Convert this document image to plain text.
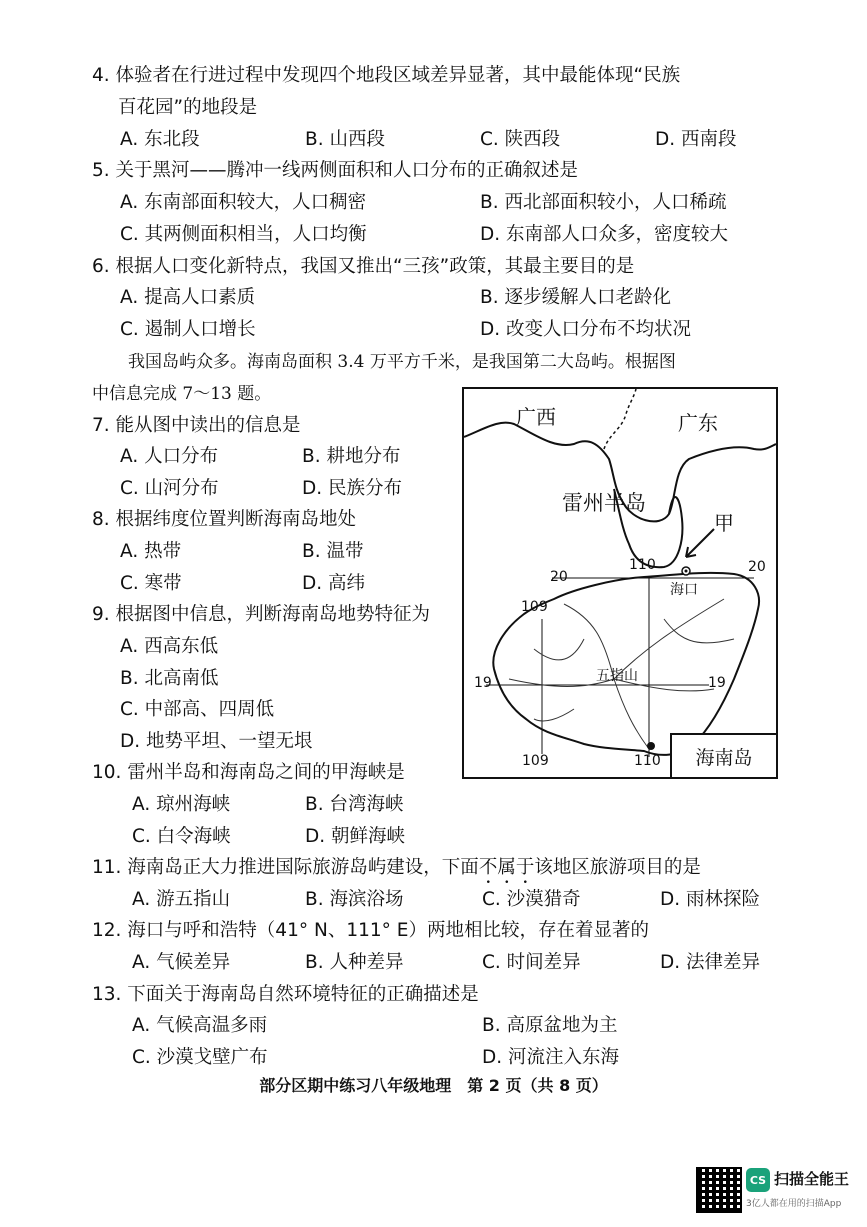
4. 体验者在行进过程中发现四个地段区域差异显著，其中最能体现“民族
百花园”的地段是
A. 东北段	B. 山西段	C. 陕西段	D. 西南段
5. 关于黑河——腾冲一线两侧面积和人口分布的正确叙述是
A. 东南部面积较大，人口稠密	B. 西北部面积较小，人口稀疏
C. 其两侧面积相当，人口均衡	D. 东南部人口众多，密度较大
6. 根据人口变化新特点，我国又推出“三孩”政策，其最主要目的是
A. 提高人口素质	B. 逐步缓解人口老龄化
C. 遏制人口增长	D. 改变人口分布不均状况
我国岛屿众多。海南岛面积 3.4 万平方千米，是我国第二大岛屿。根据图
中信息完成 7～13 题。
7. 能从图中读出的信息是
A. 人口分布	B. 耕地分布
C. 山河分布	D. 民族分布
8. 根据纬度位置判断海南岛地处
A. 热带	B. 温带
C. 寒带	D. 高纬
9. 根据图中信息，判断海南岛地势特征为
A. 西高东低
B. 北高南低
C. 中部高、四周低
D. 地势平坦、一望无垠
10. 雷州半岛和海南岛之间的甲海峡是
A. 琼州海峡	B. 台湾海峡
C. 白令海峡	D. 朝鲜海峡
11. 海南岛正大力推进国际旅游岛屿建设，下面不属于该地区旅游项目的是
A. 游五指山	B. 海滨浴场	C. 沙漠猎奇	D. 雨林探险
12. 海口与呼和浩特（41° N、111° E）两地相比较，存在着显著的
A. 气候差异	B. 人种差异	C. 时间差异	D. 法律差异
13. 下面关于海南岛自然环境特征的正确描述是
A. 气候高温多雨	B. 高原盆地为主
C. 沙漠戈壁广布	D. 河流注入东海
广西	广东
雷州半岛
甲
海口
五指山
20
20
19	19
110
109
109	110	海南岛
部分区期中练习八年级地理　第 2 页（共 8 页）
CS 扫描全能王
3亿人都在用的扫描App
